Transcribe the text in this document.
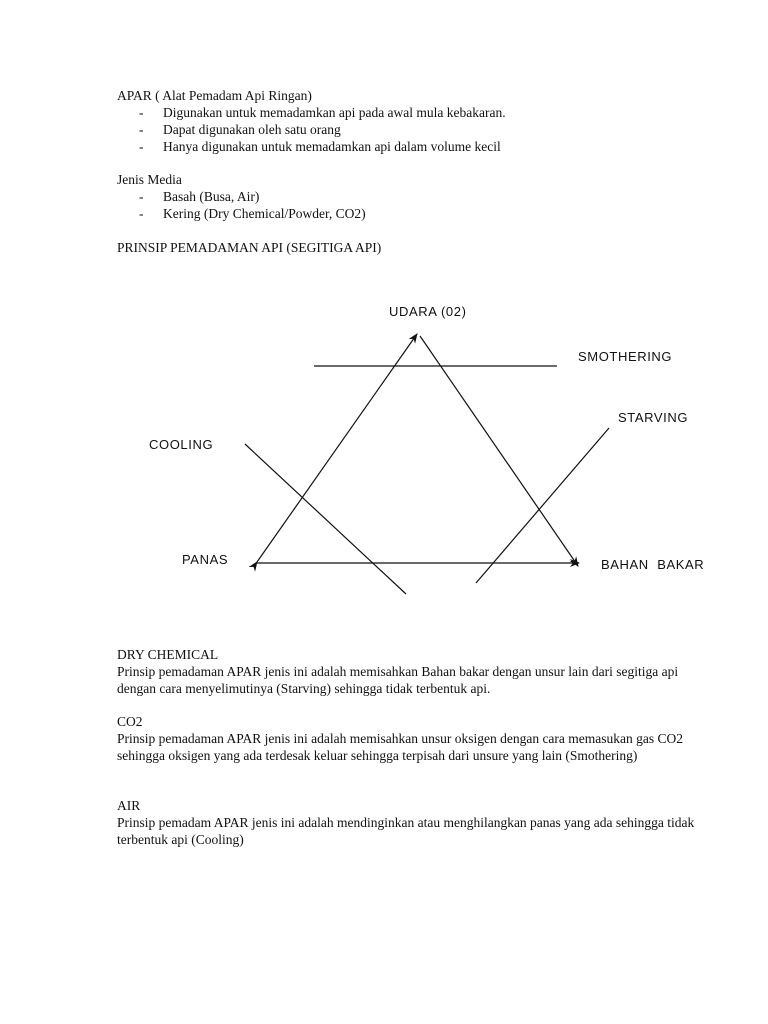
APAR ( Alat Pemadam Api Ringan)
- Digunakan untuk memadamkan api pada awal mula kebakaran.
- Dapat digunakan oleh satu orang
- Hanya digunakan untuk memadamkan api dalam volume kecil
Jenis Media
- Basah (Busa, Air)
- Kering (Dry Chemical/Powder, CO2)
PRINSIP PEMADAMAN API (SEGITIGA API)
UDARA (02)
SMOTHERING
STARVING
COOLING
PANAS	BAHAN  BAKAR
DRY CHEMICAL
Prinsip pemadaman APAR jenis ini adalah memisahkan Bahan bakar dengan unsur lain dari segitiga api dengan cara menyelimutinya (Starving) sehingga tidak terbentuk api.
CO2
Prinsip pemadaman APAR jenis ini adalah memisahkan unsur oksigen dengan cara memasukan gas CO2 sehingga oksigen yang ada terdesak keluar sehingga terpisah dari unsure yang lain (Smothering)
AIR
Prinsip pemadam APAR jenis ini adalah mendinginkan atau menghilangkan panas yang ada sehingga tidak terbentuk api (Cooling)
